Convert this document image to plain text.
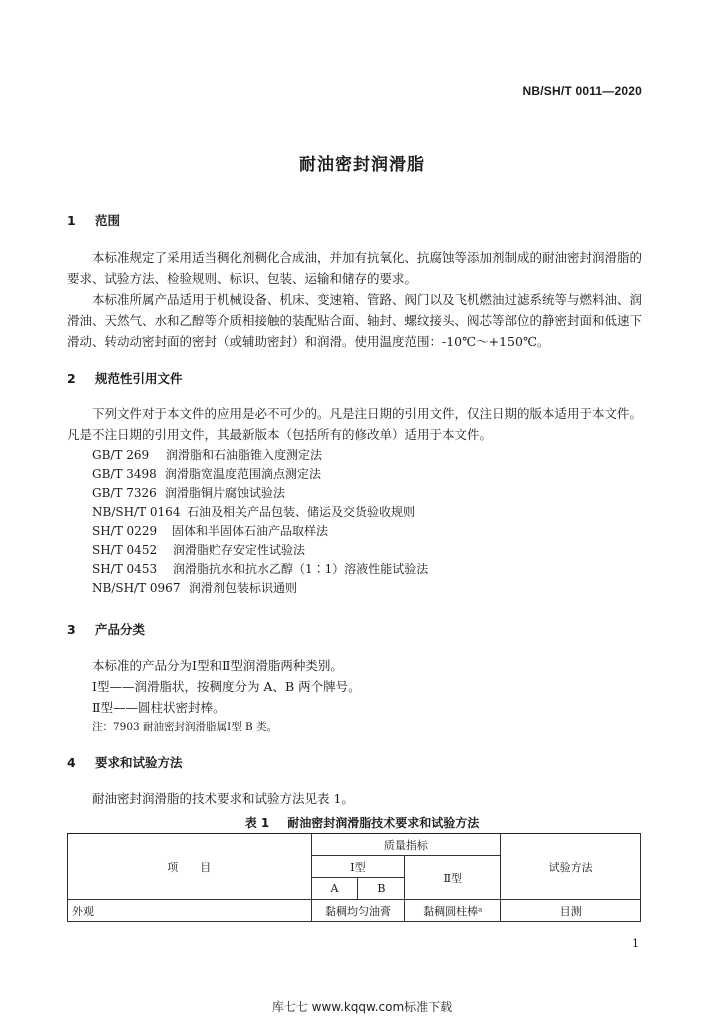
NB/SH/T 0011—2020
耐油密封润滑脂
1 范围
本标准规定了采用适当稠化剂稠化合成油，并加有抗氧化、抗腐蚀等添加剂制成的耐油密封润滑脂的要求、试验方法、检验规则、标识、包装、运输和储存的要求。
本标准所属产品适用于机械设备、机床、变速箱、管路、阀门以及飞机燃油过滤系统等与燃料油、润滑油、天然气、水和乙醇等介质相接触的装配贴合面、轴封、螺纹接头、阀芯等部位的静密封面和低速下滑动、转动动密封面的密封（或辅助密封）和润滑。使用温度范围：-10℃～+150℃。
2 规范性引用文件
下列文件对于本文件的应用是必不可少的。凡是注日期的引用文件，仅注日期的版本适用于本文件。凡是不注日期的引用文件，其最新版本（包括所有的修改单）适用于本文件。
GB/T 269 润滑脂和石油脂锥入度测定法
GB/T 3498 润滑脂宽温度范围滴点测定法
GB/T 7326 润滑脂铜片腐蚀试验法
NB/SH/T 0164 石油及相关产品包装、储运及交货验收规则
SH/T 0229 固体和半固体石油产品取样法
SH/T 0452 润滑脂贮存安定性试验法
SH/T 0453 润滑脂抗水和抗水乙醇（1∶1）溶液性能试验法
NB/SH/T 0967 润滑剂包装标识通则
3 产品分类
本标准的产品分为Ⅰ型和Ⅱ型润滑脂两种类别。
Ⅰ型——润滑脂状，按稠度分为 A、B 两个牌号。
Ⅱ型——圆柱状密封棒。
注：7903 耐油密封润滑脂属Ⅰ型 B 类。
4 要求和试验方法
耐油密封润滑脂的技术要求和试验方法见表 1。
表 1 耐油密封润滑脂技术要求和试验方法
项　　目	质量指标			试验方法
	Ⅰ型		Ⅱ型	
	A	B		
外观	黏稠均匀油膏		黏稠圆柱棒ᵃ	目测
1
库七七 www.kqqw.com标准下载
